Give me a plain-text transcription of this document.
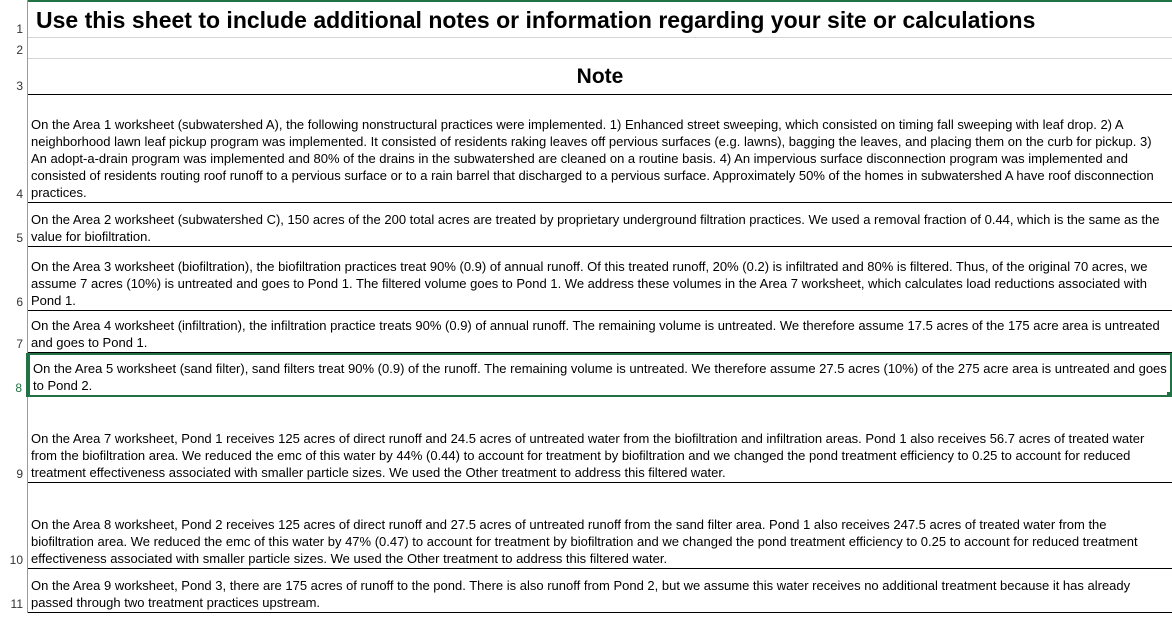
1 Use this sheet to include additional notes or information regarding your site or calculations
2
3	Note
4
On the Area 1 worksheet (subwatershed A), the following nonstructural practices were implemented. 1) Enhanced street sweeping, which consisted on timing fall sweeping with leaf drop. 2) A neighborhood lawn leaf pickup program was implemented. It consisted of residents raking leaves off pervious surfaces (e.g. lawns), bagging the leaves, and placing them on the curb for pickup. 3) An adopt-a-drain program was implemented and 80% of the drains in the subwatershed are cleaned on a routine basis. 4) An impervious surface disconnection program was implemented and consisted of residents routing roof runoff to a pervious surface or to a rain barrel that discharged to a pervious surface. Approximately 50% of the homes in subwatershed A have roof disconnection practices.
5
On the Area 2 worksheet (subwatershed C), 150 acres of the 200 total acres are treated by proprietary underground filtration practices. We used a removal fraction of 0.44, which is the same as the value for biofiltration.
6
On the Area 3 worksheet (biofiltration), the biofiltration practices treat 90% (0.9) of annual runoff. Of this treated runoff, 20% (0.2) is infiltrated and 80% is filtered. Thus, of the original 70 acres, we assume 7 acres (10%) is untreated and goes to Pond 1. The filtered volume goes to Pond 1. We address these volumes in the Area 7 worksheet, which calculates load reductions associated with Pond 1.
7
On the Area 4 worksheet (infiltration), the infiltration practice treats 90% (0.9) of annual runoff. The remaining volume is untreated. We therefore assume 17.5 acres of the 175 acre area is untreated and goes to Pond 1.
8
On the Area 5 worksheet (sand filter), sand filters treat 90% (0.9) of the runoff. The remaining volume is untreated. We therefore assume 27.5 acres (10%) of the 275 acre area is untreated and goes to Pond 2.
9
On the Area 7 worksheet, Pond 1 receives 125 acres of direct runoff and 24.5 acres of untreated water from the biofiltration and infiltration areas. Pond 1 also receives 56.7 acres of treated water from the biofiltration area. We reduced the emc of this water by 44% (0.44) to account for treatment by biofiltration and we changed the pond treatment efficiency to 0.25 to account for reduced treatment effectiveness associated with smaller particle sizes. We used the Other treatment to address this filtered water.
10
On the Area 8 worksheet, Pond 2 receives 125 acres of direct runoff and 27.5 acres of untreated runoff from the sand filter area. Pond 1 also receives 247.5 acres of treated water from the biofiltration area. We reduced the emc of this water by 47% (0.47) to account for treatment by biofiltration and we changed the pond treatment efficiency to 0.25 to account for reduced treatment effectiveness associated with smaller particle sizes. We used the Other treatment to address this filtered water.
11
On the Area 9 worksheet, Pond 3, there are 175 acres of runoff to the pond. There is also runoff from Pond 2, but we assume this water receives no additional treatment because it has already passed through two treatment practices upstream.
